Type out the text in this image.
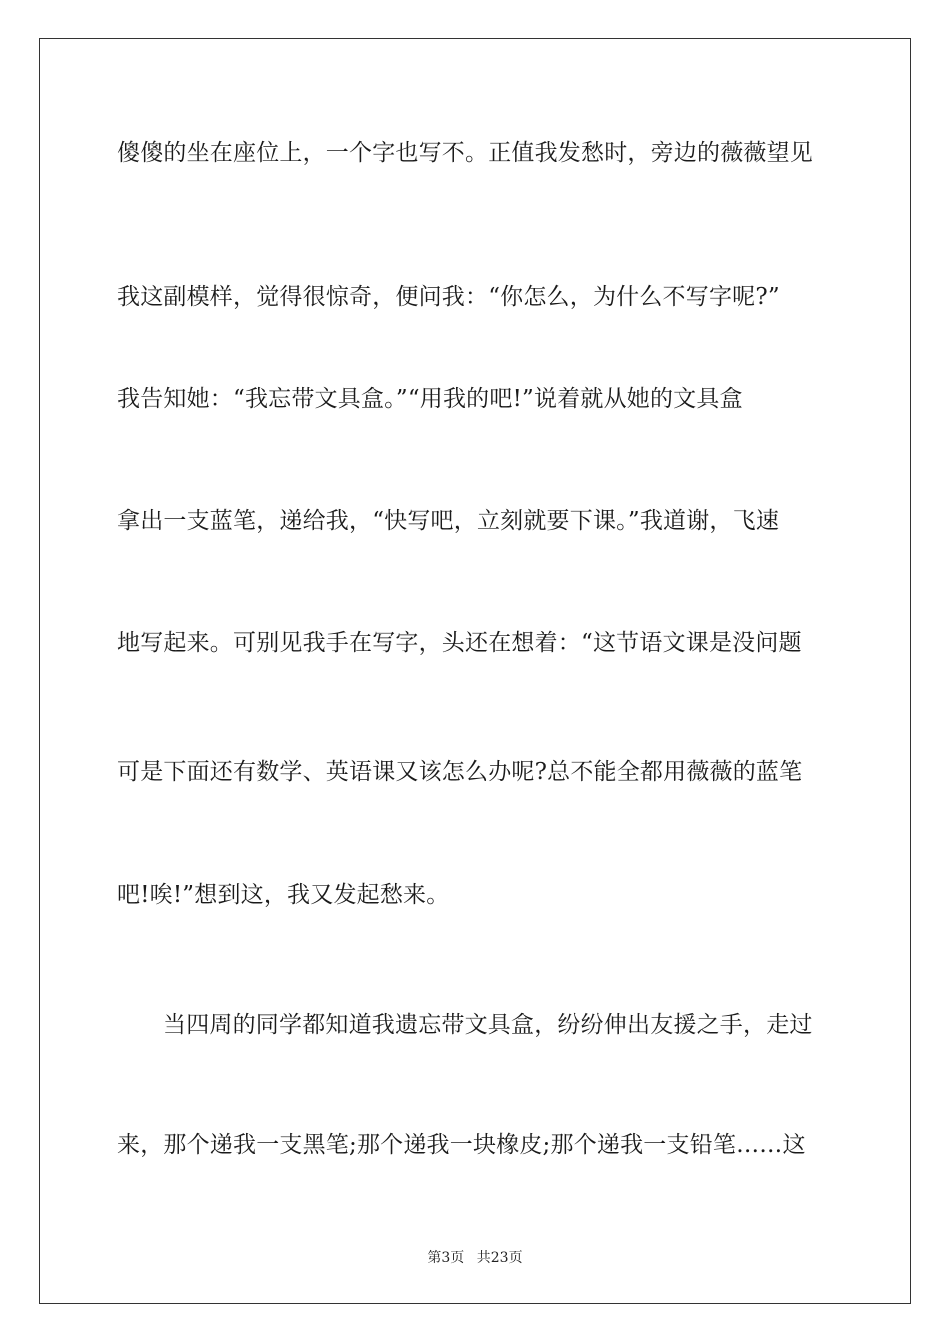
傻傻的坐在座位上，一个字也写不。正值我发愁时，旁边的薇薇望见
我这副模样，觉得很惊奇，便问我：“你怎么，为什么不写字呢?”
我告知她：“我忘带文具盒。”“用我的吧!”说着就从她的文具盒
拿出一支蓝笔，递给我，“快写吧，立刻就要下课。”我道谢，飞速
地写起来。可别见我手在写字，头还在想着：“这节语文课是没问题
可是下面还有数学、英语课又该怎么办呢?总不能全都用薇薇的蓝笔
吧!唉!”想到这，我又发起愁来。
当四周的同学都知道我遗忘带文具盒，纷纷伸出友援之手，走过
来，那个递我一支黑笔;那个递我一块橡皮;那个递我一支铅笔……这
第3页 共23页
